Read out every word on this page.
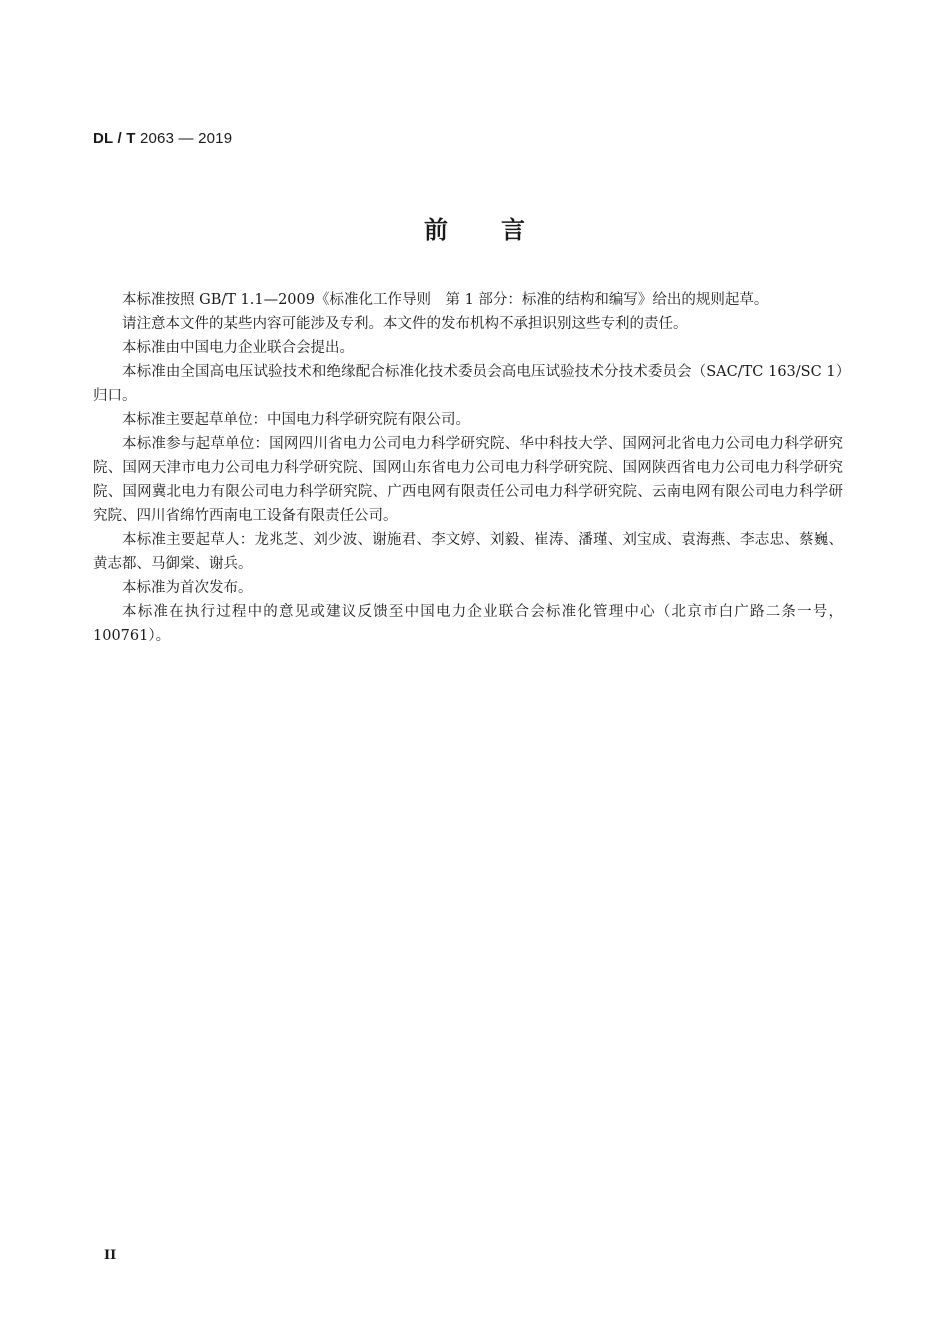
DL / T 2063 — 2019
前 言

本标准按照 GB/T 1.1—2009《标准化工作导则　第 1 部分：标准的结构和编写》给出的规则起草。

请注意本文件的某些内容可能涉及专利。本文件的发布机构不承担识别这些专利的责任。

本标准由中国电力企业联合会提出。

本标准由全国高电压试验技术和绝缘配合标准化技术委员会高电压试验技术分技术委员会（SAC/TC 163/SC 1）归口。

本标准主要起草单位：中国电力科学研究院有限公司。

本标准参与起草单位：国网四川省电力公司电力科学研究院、华中科技大学、国网河北省电力公司电力科学研究院、国网天津市电力公司电力科学研究院、国网山东省电力公司电力科学研究院、国网陕西省电力公司电力科学研究院、国网冀北电力有限公司电力科学研究院、广西电网有限责任公司电力科学研究院、云南电网有限公司电力科学研究院、四川省绵竹西南电工设备有限责任公司。

本标准主要起草人：龙兆芝、刘少波、谢施君、李文婷、刘毅、崔涛、潘瑾、刘宝成、袁海燕、李志忠、蔡巍、黄志都、马御棠、谢兵。

本标准为首次发布。

本标准在执行过程中的意见或建议反馈至中国电力企业联合会标准化管理中心（北京市白广路二条一号，100761）。

II
